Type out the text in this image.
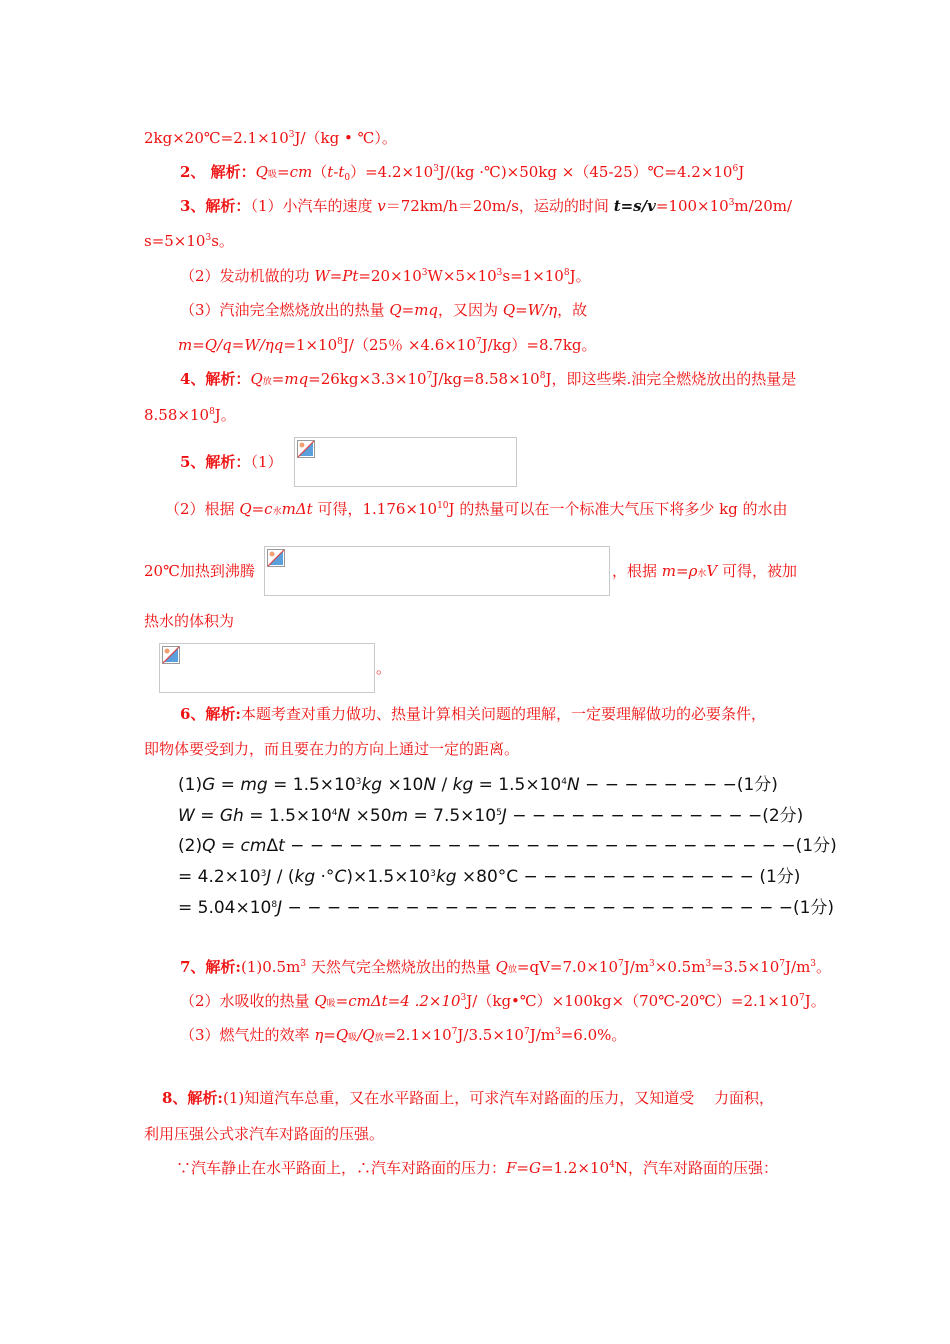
$2kg\times 20℃=2.1\times 10^3J/(kg$ • ℃）。
2、 解析：Q吸$=cm(t-t_0)=4.2\times 10^3J/(kg$ ·℃)×50kg $\times(45-25)℃=4.2\times 10^6J$
3、解析：（1）小汽车的速度 v＝72km/h＝20m/s，运动的时间 $t=s/v=100\times 10^3m/20m/$
$s=5\times 10^3s$。
（2）发动机做的功 $W=Pt=20\times 10^3W\times 5\times 10^3s=1\times 10^8J$。
（3）汽油完全燃烧放出的热量 Q=mq，又因为 Q=W/η，故
$m=Q/q=W/\eta q=1\times 10^8J/(25$％ $\times 4.6\times 10^7J/kg)=8.7kg$。
4、解析：Q放$=mq=26kg\times 3.3\times 10^7J/kg=8.58\times 10^8J$，即这些柴.油完全燃烧放出的热量是
$8.58\times 10^8J$。
5、解析：（1）
（2）根据 Q=c水mΔt 可得，$1.176\times 10^{10}J$ 的热量可以在一个标准大气压下将多少 kg 的水由
20℃加热到沸腾	，根据 m=ρ水V 可得，被加
热水的体积为
。
6、解析:本题考查对重力做功、热量计算相关问题的理解，一定要理解做功的必要条件，
即物体要受到力，而且要在力的方向上通过一定的距离。
(1)G = mg = $1.5\times 10^3kg \times 10N$ / kg = $1.5\times 10^4N$ − − − − − − − −(1分)
$W = Gh = 1.5\times 10^4N \times 50m = 7.5\times 10^5J$ − − − − − − − − − − − − −(2分)
(2)Q = cmΔt − − − − − − − − − − − − − − − − − − − − − − − − − −(1分)
= $4.2\times 10^3J / (kg \cdot^\circ C)\times 1.5\times 10^3kg \times 80^\circ C$ − − − − − − − − − − − − (1分)
= $5.04\times 10^8J$ − − − − − − − − − − − − − − − − − − − − − − − − − −(1分)
7、解析$:(1)0.5m^3$ 天然气完全燃烧放出的热量 Q放$=qV=7.0\times 10^7J/m^3\times 0.5m^3=3.5\times 10^7J/m^3$。
（2）水吸收的热量 Q吸=cmΔt=4 $.2\times 10^3J/(kg•℃)\times 100kg\times(70℃-20℃)=2.1\times 10^7J$。
（3）燃气灶的效率 η=Q吸/Q放$=2.1\times 10^7J/3.5\times 10^7J/m^3=6.0\%$。
8、解析:(1)知道汽车总重，又在水平路面上，可求汽车对路面的压力，又知道受　 力面积，
利用压强公式求汽车对路面的压强。
∵汽车静止在水平路面上，∴汽车对路面的压力：$F=G=1.2\times 10^4N$，汽车对路面的压强：
